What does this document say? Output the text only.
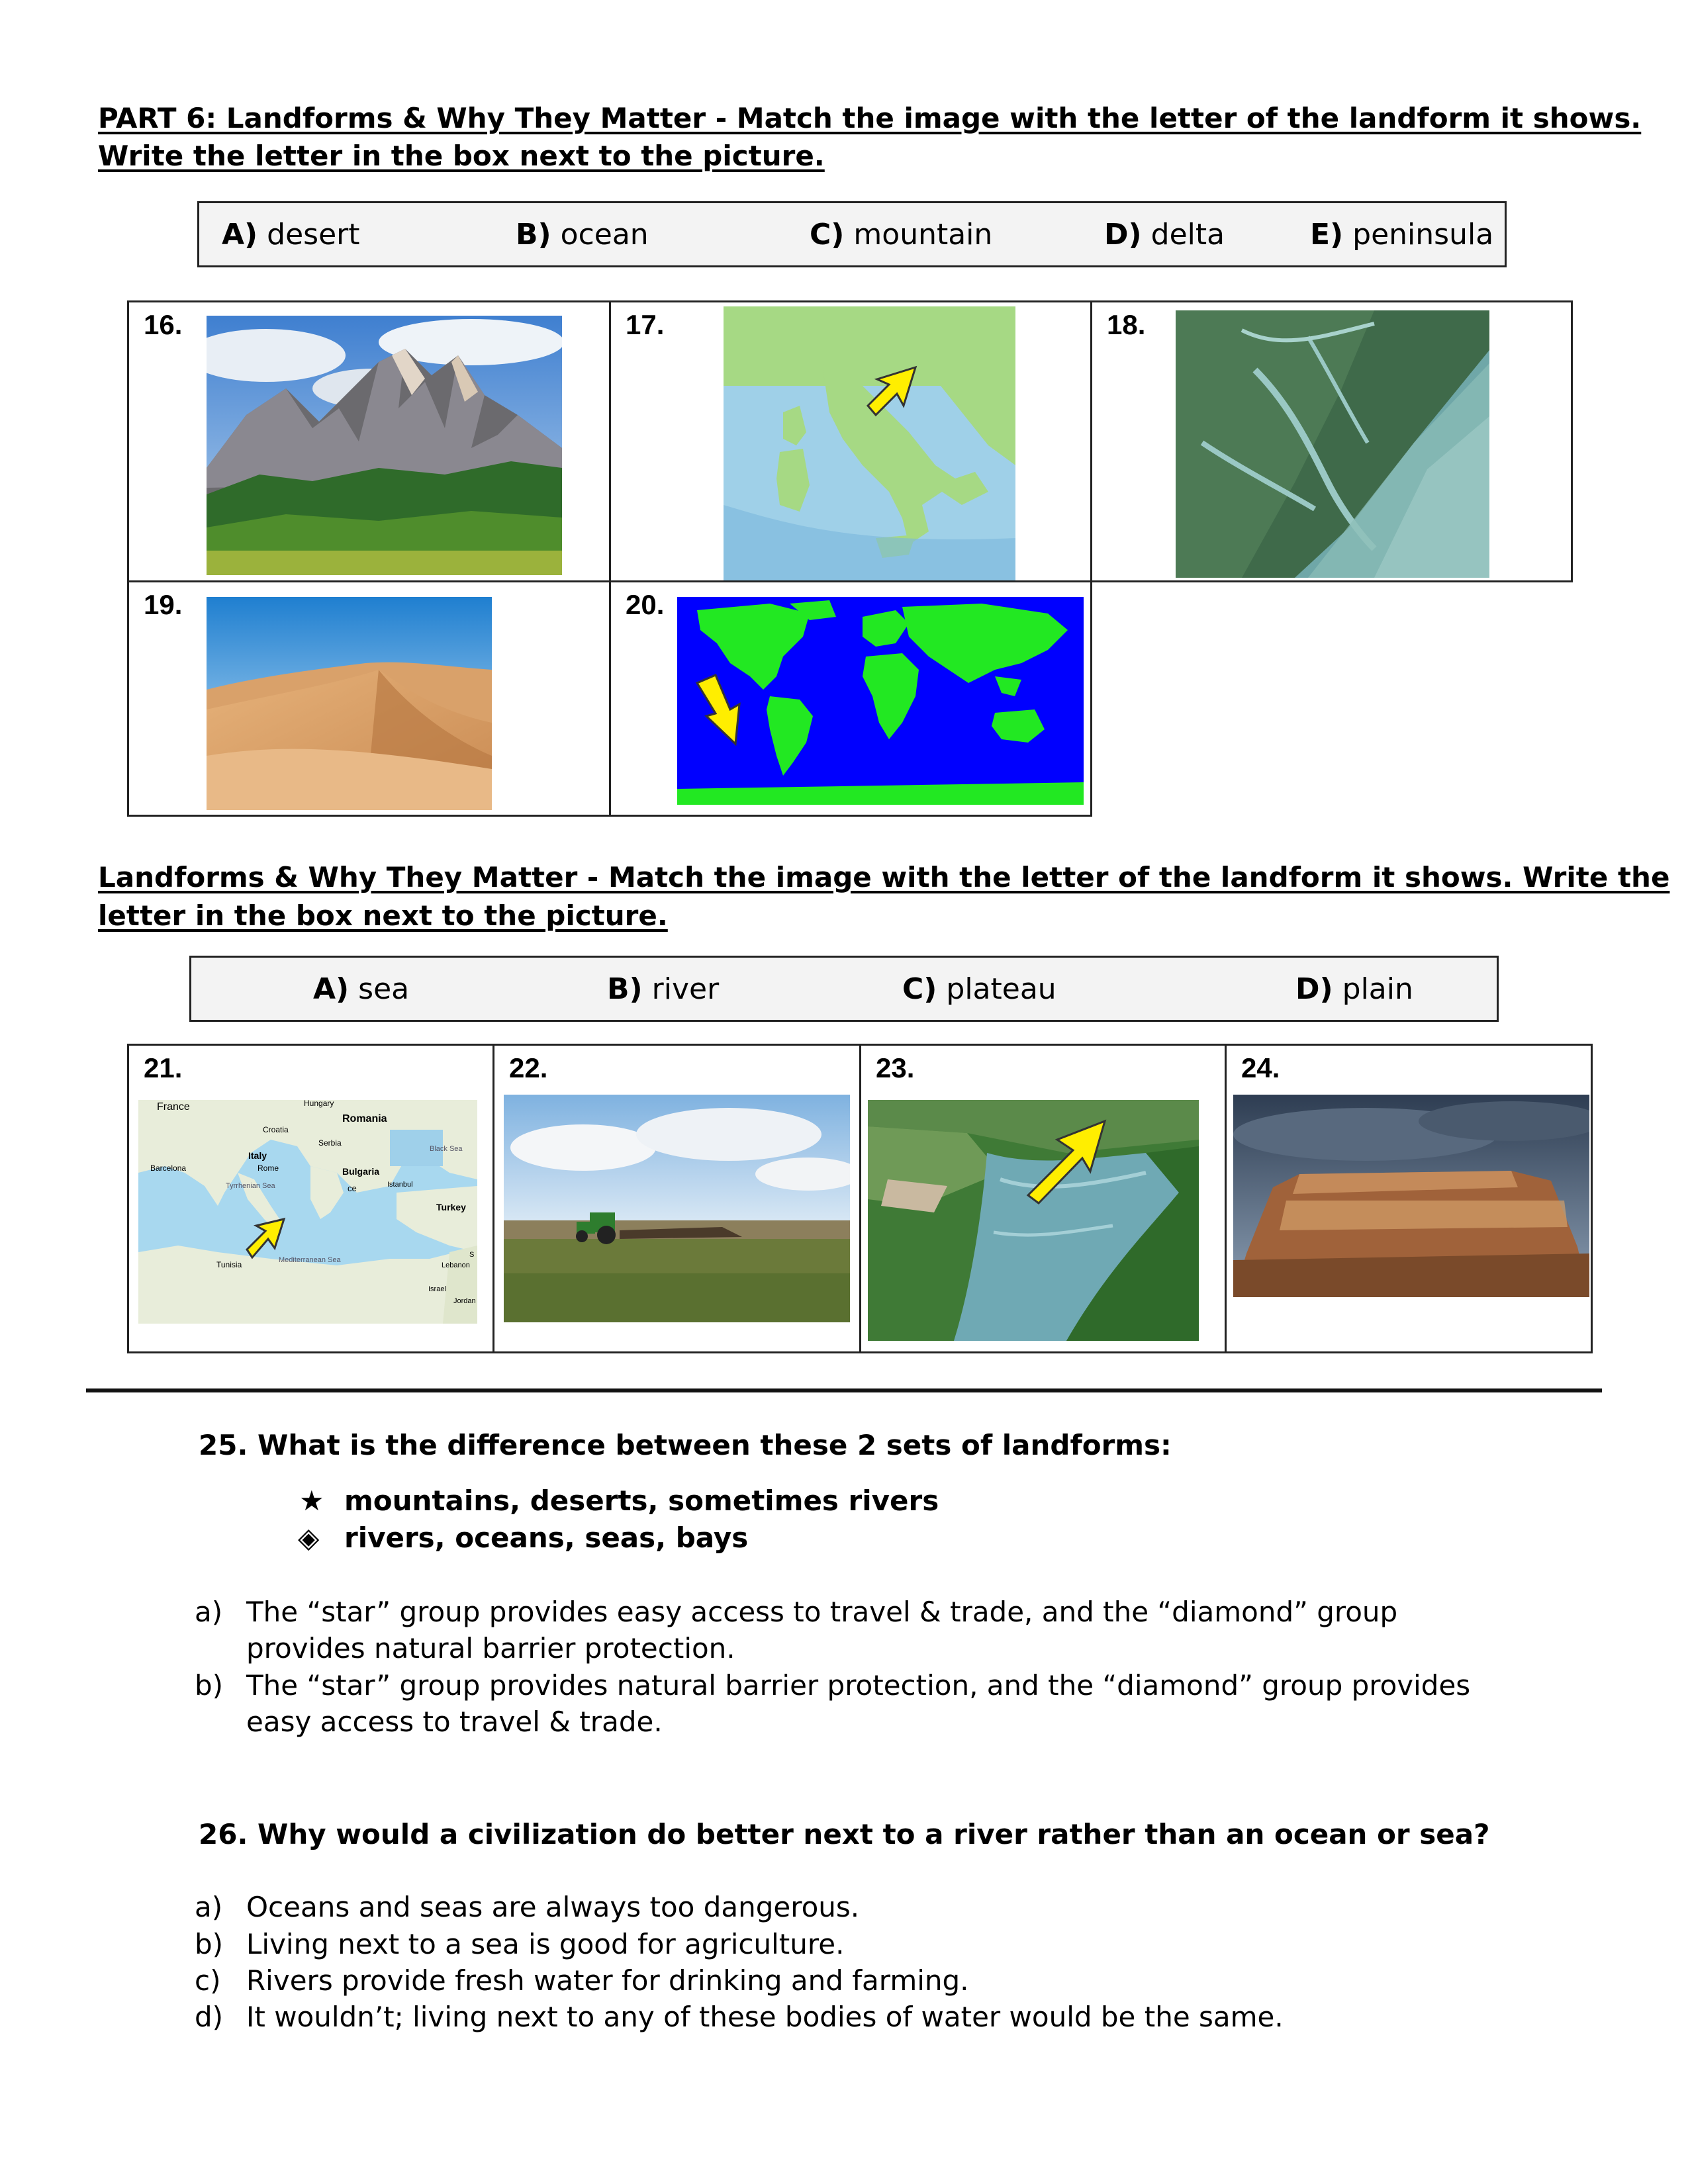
PART 6: Landforms & Why They Matter - Match the image with the letter of the landform it shows.
Write the letter in the box next to the picture.
A) desert	B) ocean	C) mountain	D) delta	E) peninsula
16.	17.	18.
19.	20.
Landforms & Why They Matter - Match the image with the letter of the landform it shows. Write the
letter in the box next to the picture.
A) sea	B) river	C) plateau	D) plain
21.
France	Hungary
Romania
Croatia
Serbia
Italy
Rome
Barcelona	Bulgaria
Black Sea
Istanbul
Tyrrhenian Sea	ce
Turkey
Tunisia	Mediterranean Sea
Lebanon
S
Israel
Jordan
22.	23.	24.
25. What is the difference between these 2 sets of landforms:
★ mountains, deserts, sometimes rivers
◈ rivers, oceans, seas, bays
a) The “star” group provides easy access to travel & trade, and the “diamond” group
provides natural barrier protection.
b) The “star” group provides natural barrier protection, and the “diamond” group provides
easy access to travel & trade.
26. Why would a civilization do better next to a river rather than an ocean or sea?
a) Oceans and seas are always too dangerous.
b) Living next to a sea is good for agriculture.
c) Rivers provide fresh water for drinking and farming.
d) It wouldn’t; living next to any of these bodies of water would be the same.
